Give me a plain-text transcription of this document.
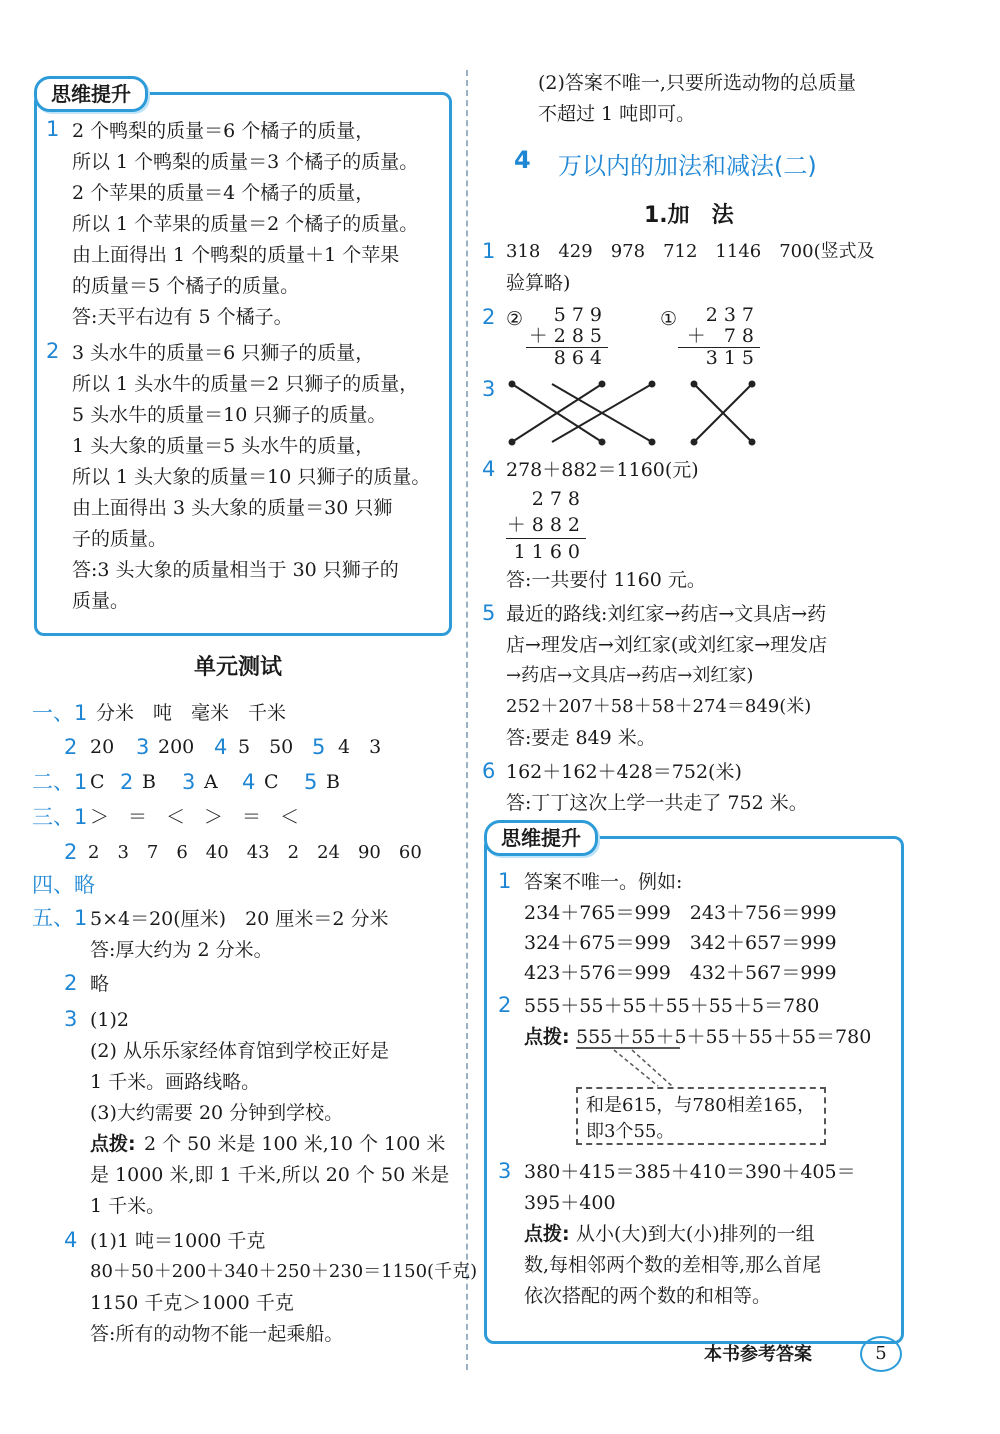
思维提升
1 2 个鸭梨的质量＝6 个橘子的质量，
所以 1 个鸭梨的质量＝3 个橘子的质量。
2 个苹果的质量＝4 个橘子的质量，
所以 1 个苹果的质量＝2 个橘子的质量。
由上面得出 1 个鸭梨的质量＋1 个苹果
的质量＝5 个橘子的质量。
答:天平右边有 5 个橘子。
2 3 头水牛的质量＝6 只狮子的质量，
所以 1 头水牛的质量＝2 只狮子的质量，
5 头水牛的质量＝10 只狮子的质量。
1 头大象的质量＝5 头水牛的质量，
所以 1 头大象的质量＝10 只狮子的质量。
由上面得出 3 头大象的质量＝30 只狮
子的质量。
答:3 头大象的质量相当于 30 只狮子的
质量。
单元测试
一、1 分米　吨　毫米　千米
2 20 3 200 4 5　50 5 4　3
二、1 C 2 B 3 A 4 C 5 B
三、1 ＞　＝　＜　＞　＝　＜
2 2　3　7　6　40　43　2　24　90　60
四、略
五、1 5×4＝20(厘米)　20 厘米＝2 分米
答:厚大约为 2 分米。
2 略
3 (1)2
(2) 从乐乐家经体育馆到学校正好是
1 千米。画路线略。
(3)大约需要 20 分钟到学校。
点拨: 2 个 50 米是 100 米,10 个 100 米
是 1000 米,即 1 千米,所以 20 个 50 米是
1 千米。
4 (1)1 吨＝1000 千克
80＋50＋200＋340＋250＋230＝1150(千克)
1150 千克＞1000 千克
答:所有的动物不能一起乘船。
(2)答案不唯一,只要所选动物的总质量
不超过 1 吨即可。
4 万以内的加法和减法(二)
1.加　法
1 318　429　978　712　1146　700(竖式及
验算略)
2 ②	579
＋285
864
①	237
＋ 78
315
3
4 278＋882＝1160(元)
278
＋882
1160
答:一共要付 1160 元。
5 最近的路线:刘红家→药店→文具店→药
店→理发店→刘红家(或刘红家→理发店
→药店→文具店→药店→刘红家)
252＋207＋58＋58＋274＝849(米)
答:要走 849 米。
6 162＋162＋428＝752(米)
答:丁丁这次上学一共走了 752 米。
思维提升
1 答案不唯一。例如:
234＋765＝999　243＋756＝999
324＋675＝999　342＋657＝999
423＋576＝999　432＋567＝999
2 555＋55＋55＋55＋55＋5＝780
点拨: 555＋55＋5＋55＋55＋55＝780
和是615，与780相差165，
即3个55。
3 380＋415＝385＋410＝390＋405＝
395＋400
点拨: 从小(大)到大(小)排列的一组
数,每相邻两个数的差相等,那么首尾
依次搭配的两个数的和相等。
本书参考答案	5
